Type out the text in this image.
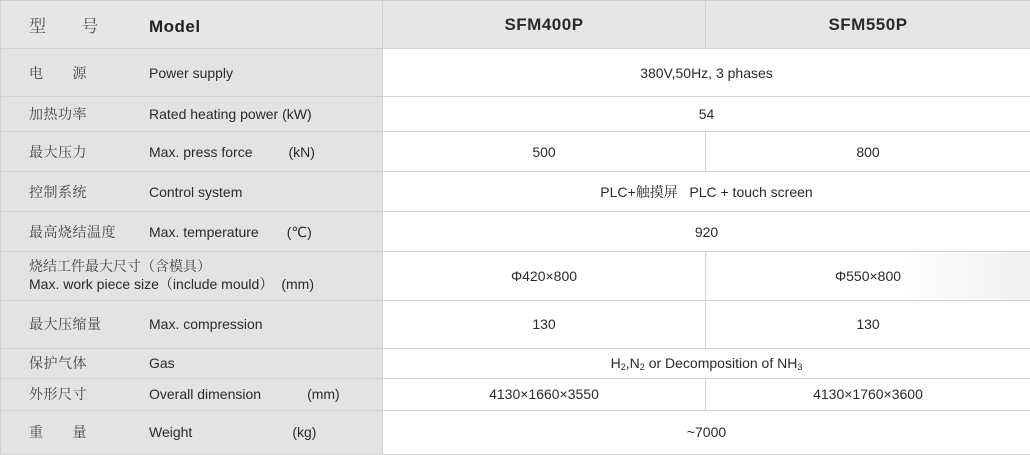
型　　号 Model	SFM400P	SFM550P
电　　源 Power supply	380V,50Hz, 3 phases	
加热功率 Rated heating power (kW)	54	
最大压力 Max. press force (kN)	500	800
控制系统 Control system	PLC+触摸屏   PLC + touch screen	
最高烧结温度 Max. temperature (℃)	920	

烧结工件最大尺寸（含模具）
Max. work piece size（include mould） (mm)	Φ420×800	Φ550×800
最大压缩量 Max. compression	130	130
保护气体 Gas	$H_2,N_2$ or Decomposition of $NH_3$
外形尺寸 Overall dimension (mm)	4130×1660×3550	4130×1760×3600
重　　量 Weight (kg)	~7000	
